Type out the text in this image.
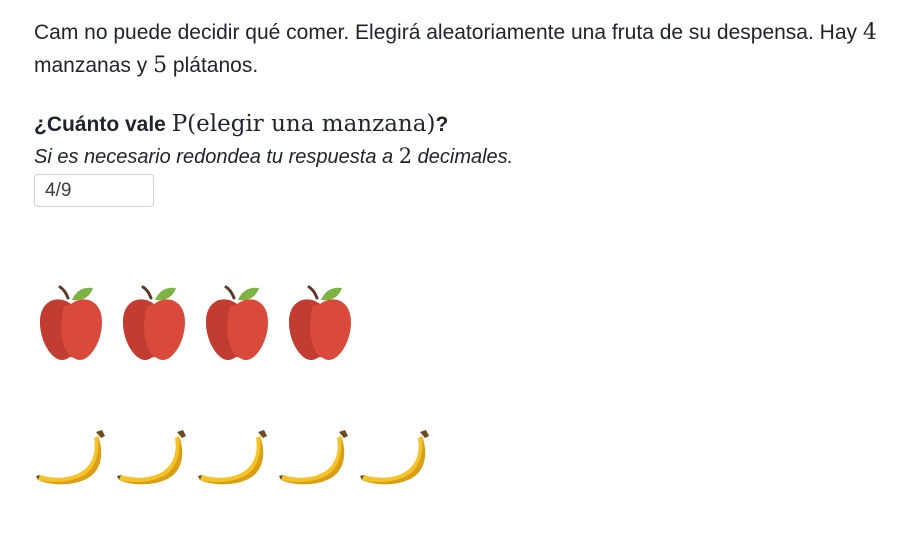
Cam no puede decidir qué comer. Elegirá aleatoriamente una fruta de su despensa. Hay 4 manzanas y 5 plátanos.

¿Cuánto vale P(elegir una manzana)?
Si es necesario redondea tu respuesta a 2 decimales.
4/9
